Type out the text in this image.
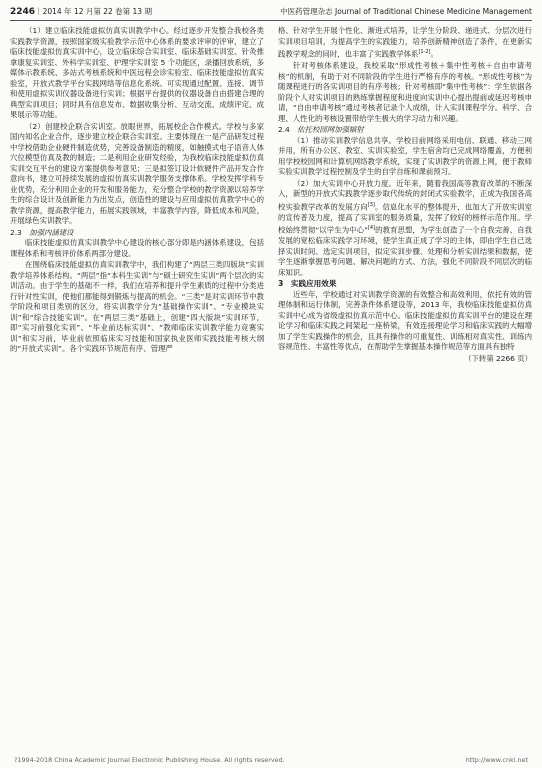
2246｜2014 年 12 月第 22 卷第 13 期	中医药管理杂志 Journal of Traditional Chinese Medicine Management

（1）建立临床技能虚拟仿真实训教学中心。经过逐步开发整合我校各类实践教学资源，按照国家级实验教学示范中心体系的要求评审的评审，建立了临床技能虚拟仿真实训中心，设立临床综合实训室、临床基础实训室、针灸推拿康复实训室、外科学实训室、护理学实训室 5 个功能区，录播回放系统，多媒体示教系统、多站式考核系统和中医远程会诊实验室、临床技能虚拟仿真实验室，开放式教学平台实践网络等信息化系统。可实现通过配置、连接、调节和使用虚拟实训仪器设备进行实训；根据平台提供的仪器设备自由搭建合理的典型实训项目；同时具有信息发布、数据收集分析、互动交流、成绩评定、成果展示等功能。

（2）创建校企联合实训室。放眼世界，拓展校企合作模式。学校与多家国内知名企业合作，逐步建立校企联合实训室。主要体现在一是产品研发过程中学校借助企业硬件制造优势，完善设备制造的精度，如触摸式电子语音人体穴位模型仿真及教的制造；二是利用企业研发经验，为我校临床技能虚拟仿真实训交互平台的建设方案提供参考意见；三是拟签订设计软硬件产品开发合作意向书，建立可持续发展的虚拟仿真实训教学服务支撑体系。学校发挥学科专业优势，充分利用企业的开发和服务能力，充分整合学校的教学资源以培养学生的综合设计及创新能力为出发点，创造性的建设与应用虚拟仿真教学中心的教学资源，提高教学能力，拓展实践领域，丰富教学内容，降低成本和风险，开展绿色实训教学。

2.3　 加强内涵建设

临床技能虚拟仿真实训教学中心建设的核心部分即是内涵体系建设，包括课程体系和考核评价体系两部分建设。

在围绕临床技能虚拟仿真实训教学中，我们构建了“两层三类四版块”实训教学培养体系结构。“两层”指“本科生实训”与“硕士研究生实训”两个层次的实训活动。由于学生的基础不一样，我们在培养和提升学生素质的过程中分类进行针对性实训，使他们都能得到锻炼与提高的机会。“三类”是对实训环节中教学阶段和项目类别的区分，将实训教学分为“基础操作实训”、“专业模块实训”和“综合技能实训”。在“两层三类”基础上，创建“四大版块”实训环节，即“实习前强化实训”、“毕业前达标实训”、“教师临床实训教学能力竞赛实训”和实习前，毕业前依照临床实习技能和国家执业医师实践技能考核大纲的“开放式实训”。各个实践环节规范有序、管理严

格、针对学生开展个性化、渐进式培养，让学生分阶段、递进式、分层次进行实训项目培训，为提高学生的实践能力，培养创新精神创造了条件，在更新实践教学观念的同时，也丰富了实践教学体系[1-2]。

针对考核体系建设，我校采取“形成性考核＋集中性考核＋自由申请考核”的机制，有助于对不同阶段的学生进行严格有序的考核。“形成性考核”为随课程进行的各实训项目的有序考核；针对考核即“集中性考核”：学生依据各阶段个人对实训项目的熟练掌握程度和进度向实训中心提出提前或延迟考核申请，“自由申请考核”通过考核者记录个人成绩，计入实训课程学分。科学、合理、人性化的考核设置带给学生极大的学习动力和兴趣。

2.4　 依托校园网加强辐射

（1）推动实训教学信息共享。学校目前网络采用电信、联通、移动三网并用，所有办公区、教室、实训实验室，学生宿舍均已完成网络覆盖，方便利用学校校园网和计算机网络教学系统，实现了实训教学的资源上网，便于教师实验实训教学过程控制及学生的自学自练和课前预习。

（2）加大实训中心开放力度。近年来，随着我国高等教育改革的不断深入，新型的开放式实践教学逐步取代传统的封闭式实验教学，正成为我国各高校实验教学改革的发展方向[3]。信息化水平的整体提升，也加大了开放实训室的宣传普及力度，提高了实训室的服务质量，发挥了较好的榜样示范作用。学校始终贯彻“以学生为中心”[4]的教育思想，为学生创造了一个自我完善、自我发展的宽松临床实践学习环境，使学生真正成了学习的主体，即由学生自己选择实训时间、选定实训项目，拟定实训步骤、处理和分析实训结果和数据，使学生逐渐掌握思考问题、解决问题的方式、方法，强化不同阶段不同层次的临床知识。

3　实践应用效果

近些年，学校通过对实训教学资源的有效整合和高效利用，依托有效的管理体制和运行体制，完善条件体系建设等，2013 年，我校临床技能虚拟仿真实训中心成为省级虚拟仿真示范中心。临床技能虚拟仿真实训平台的建设在理论学习和临床实践之间架起一座桥梁，有效连接理论学习和临床实践的大幅增加了学生实践操作的机会，且具有操作的可重复性、训练相对真实性、训练内容规范性、丰富性等优点，在帮助学生掌握基本操作规范等方面具有独特

（下转第 2266 页）
?1994-2018 China Academic Journal Electronic Publishing House. All rights reserved.	http://www.cnki.net
